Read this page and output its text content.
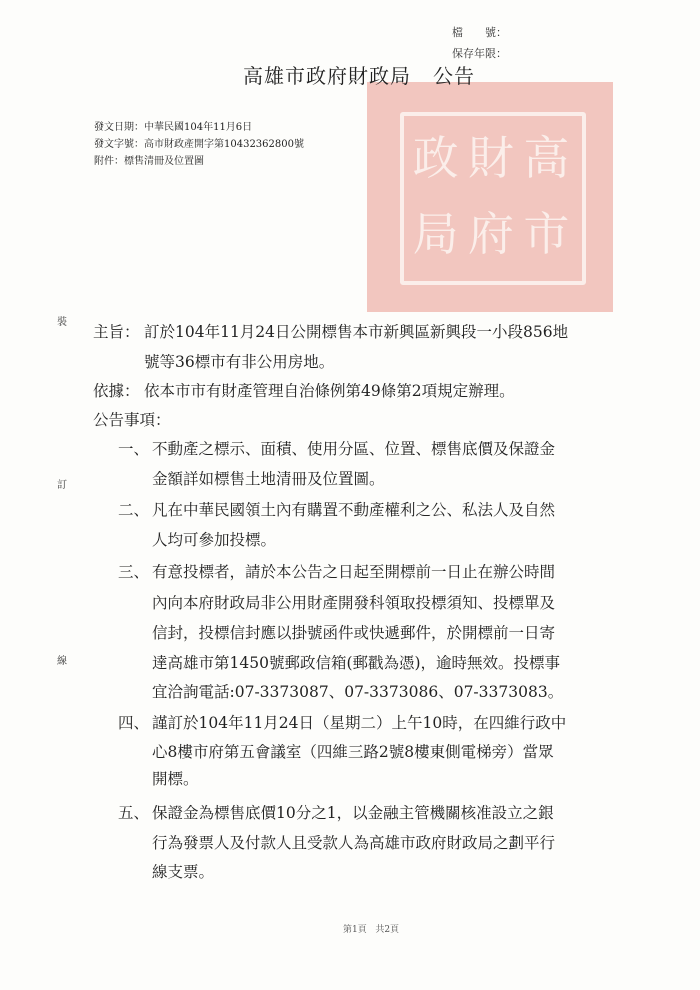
檔　　號：
保存年限：
政 財 高
局 府 市
高雄市政府財政局 公告
發文日期：中華民國104年11月6日
發文字號：高市財政產開字第10432362800號
附件：標售清冊及位置圖
裝
訂
線
主旨： 訂於104年11月24日公開標售本市新興區新興段一小段856地
號等36標市有非公用房地。
依據： 依本市市有財產管理自治條例第49條第2項規定辦理。
公告事項：
一、 不動產之標示、面積、使用分區、位置、標售底價及保證金
金額詳如標售土地清冊及位置圖。
二、 凡在中華民國領土內有購置不動產權利之公、私法人及自然
人均可參加投標。
三、 有意投標者，請於本公告之日起至開標前一日止在辦公時間
內向本府財政局非公用財產開發科領取投標須知、投標單及
信封，投標信封應以掛號函件或快遞郵件，於開標前一日寄
達高雄市第1450號郵政信箱(郵戳為憑)，逾時無效。投標事
宜洽詢電話:07-3373087、07-3373086、07-3373083。
四、 謹訂於104年11月24日（星期二）上午10時，在四維行政中
心8樓市府第五會議室（四維三路2號8樓東側電梯旁）當眾
開標。
五、 保證金為標售底價10分之1，以金融主管機關核准設立之銀
行為發票人及付款人且受款人為高雄市政府財政局之劃平行
線支票。
第1頁 共2頁
